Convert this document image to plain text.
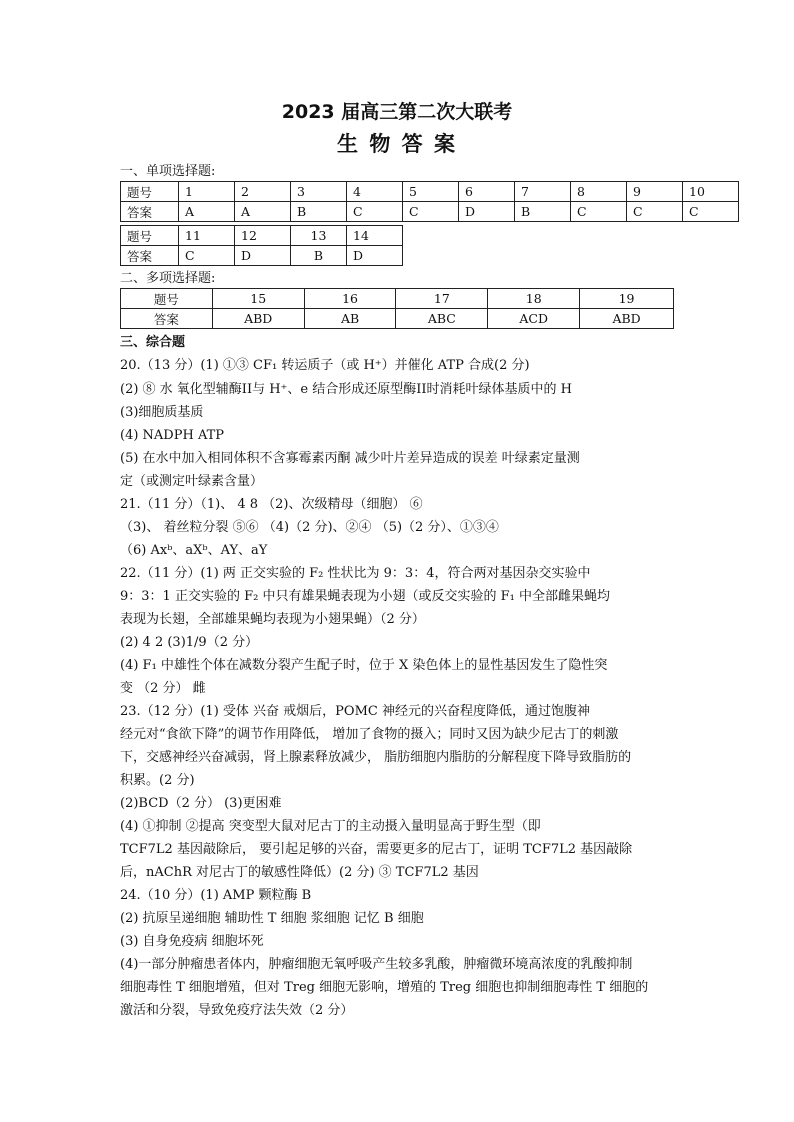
2023 届高三第二次大联考
生 物 答 案
一、单项选择题:
题号	1	2	3	4	5	6	7	8	9	10
答案	A	A	B	C	C	D	B	C	C	C
题号	11	12	13	14
答案	C	D	B	D
二、多项选择题:
题号	15	16	17	18	19
答案	ABD	AB	ABC	ACD	ABD
三、综合题
20.（13 分）(1) ①③ CF₁ 转运质子（或 H⁺）并催化 ATP 合成(2 分)
(2) ⑧ 水 氧化型辅酶II与 H⁺、e 结合形成还原型酶II时消耗叶绿体基质中的 H
(3)细胞质基质
(4) NADPH ATP
(5) 在水中加入相同体积不含寡霉素丙酮 减少叶片差异造成的误差 叶绿素定量测
定（或测定叶绿素含量）
21.（11 分）（1)、 4 8 （2)、次级精母（细胞） ⑥
（3)、 着丝粒分裂 ⑤⑥ （4)（2 分)、②④ （5)（2 分）、①③④
（6) Axᵇ、aXᵇ、AY、aY
22.（11 分）(1) 两 正交实验的 F₂ 性状比为 9：3：4，符合两对基因杂交实验中
9：3：1 正交实验的 F₂ 中只有雄果蝇表现为小翅（或反交实验的 F₁ 中全部雌果蝇均
表现为长翅，全部雄果蝇均表现为小翅果蝇）（2 分）
(2) 4 2 (3)1/9（2 分）
(4) F₁ 中雄性个体在减数分裂产生配子时，位于 X 染色体上的显性基因发生了隐性突
变 （2 分） 雌
23.（12 分）(1) 受体 兴奋 戒烟后，POMC 神经元的兴奋程度降低，通过饱腹神
经元对“食欲下降”的调节作用降低， 增加了食物的摄入；同时又因为缺少尼古丁的刺激
下，交感神经兴奋减弱，肾上腺素释放减少， 脂肪细胞内脂肪的分解程度下降导致脂肪的
积累。(2 分)
(2)BCD（2 分） (3)更困难
(4) ①抑制 ②提高 突变型大鼠对尼古丁的主动摄入量明显高于野生型（即
TCF7L2 基因敲除后， 要引起足够的兴奋，需要更多的尼古丁，证明 TCF7L2 基因敲除
后，nAChR 对尼古丁的敏感性降低）(2 分) ③ TCF7L2 基因
24.（10 分）(1) AMP 颗粒酶 B
(2) 抗原呈递细胞 辅助性 T 细胞 浆细胞 记忆 B 细胞
(3) 自身免疫病 细胞坏死
(4)一部分肿瘤患者体内，肿瘤细胞无氧呼吸产生较多乳酸，肿瘤微环境高浓度的乳酸抑制
细胞毒性 T 细胞增殖，但对 Treg 细胞无影响，增殖的 Treg 细胞也抑制细胞毒性 T 细胞的
激活和分裂，导致免疫疗法失效（2 分）
